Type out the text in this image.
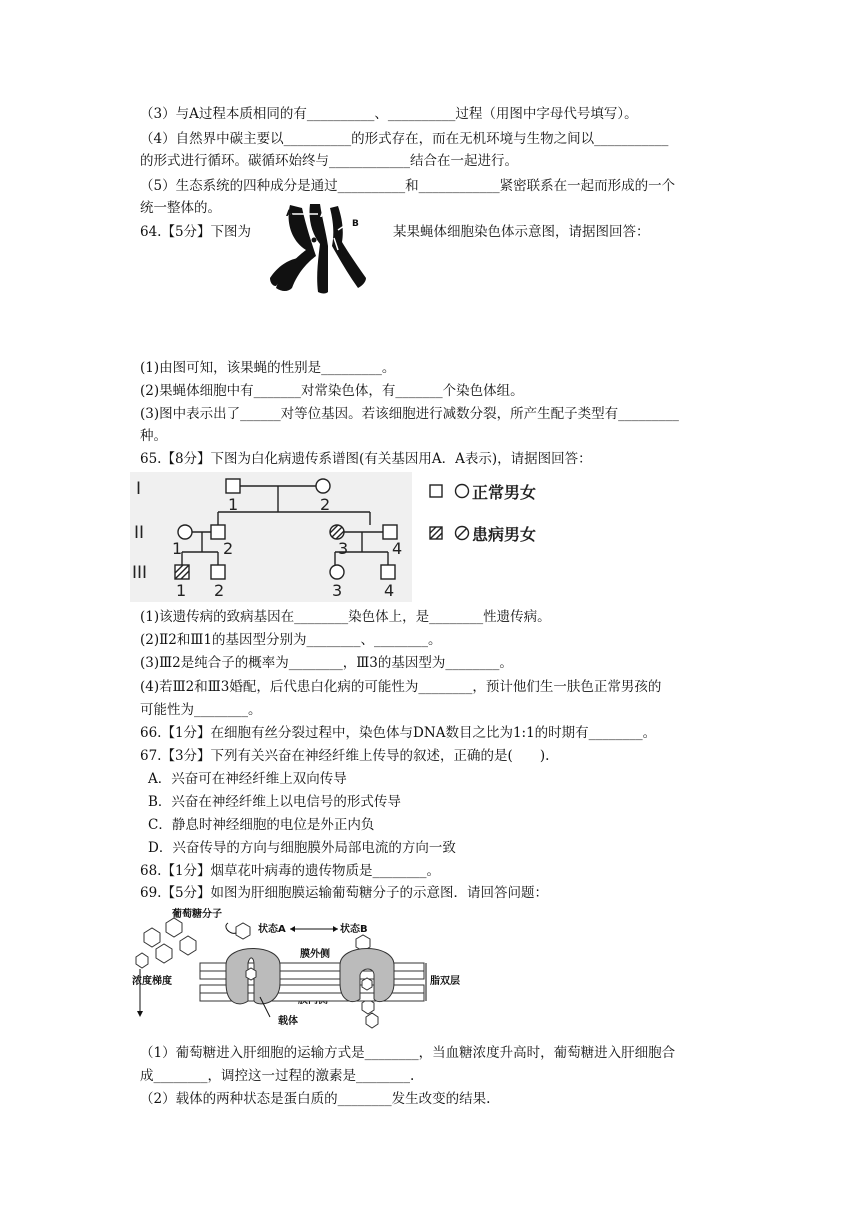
（3）与A过程本质相同的有__________、__________过程（用图中字母代号填写）。
（4）自然界中碳主要以__________的形式存在，而在无机环境与生物之间以___________
的形式进行循环。碳循环始终与____________结合在一起进行。
（5）生态系统的四种成分是通过__________和____________紧密联系在一起而形成的一个
统一整体的。
64.【5分】下图为
A	A
B
b
某果蝇体细胞染色体示意图，请据图回答：
(1)由图可知，该果蝇的性别是_________。
(2)果蝇体细胞中有_______对常染色体，有_______个染色体组。
(3)图中表示出了______对等位基因。若该细胞进行减数分裂，所产生配子类型有_________
种。
65.【8分】下图为白化病遗传系谱图(有关基因用A．A表示)，请据图回答：
I
II
III
1	2
1	2	3	4
1 2	3	4
正常男女
患病男女
(1)该遗传病的致病基因在________染色体上，是________性遗传病。
(2)Ⅱ2和Ⅲ1的基因型分别为________、________。
(3)Ⅲ2是纯合子的概率为________，Ⅲ3的基因型为________。
(4)若Ⅲ2和Ⅲ3婚配，后代患白化病的可能性为________，预计他们生一肤色正常男孩的
可能性为________。
66.【1分】在细胞有丝分裂过程中，染色体与DNA数目之比为1:1的时期有________。
67.【3分】下列有关兴奋在神经纤维上传导的叙述，正确的是(　　).
A．兴奋可在神经纤维上双向传导
B．兴奋在神经纤维上以电信号的形式传导
C．静息时神经细胞的电位是外正内负
D．兴奋传导的方向与细胞膜外局部电流的方向一致
68.【1分】烟草花叶病毒的遗传物质是________。
69.【5分】如图为肝细胞膜运输葡萄糖分子的示意图．请回答问题：
葡萄糖分子
状态A	状态B
膜外侧
浓度梯度	脂双层
载体
（1）葡萄糖进入肝细胞的运输方式是________，当血糖浓度升高时，葡萄糖进入肝细胞合
成________，调控这一过程的激素是________.
（2）载体的两种状态是蛋白质的________发生改变的结果.
